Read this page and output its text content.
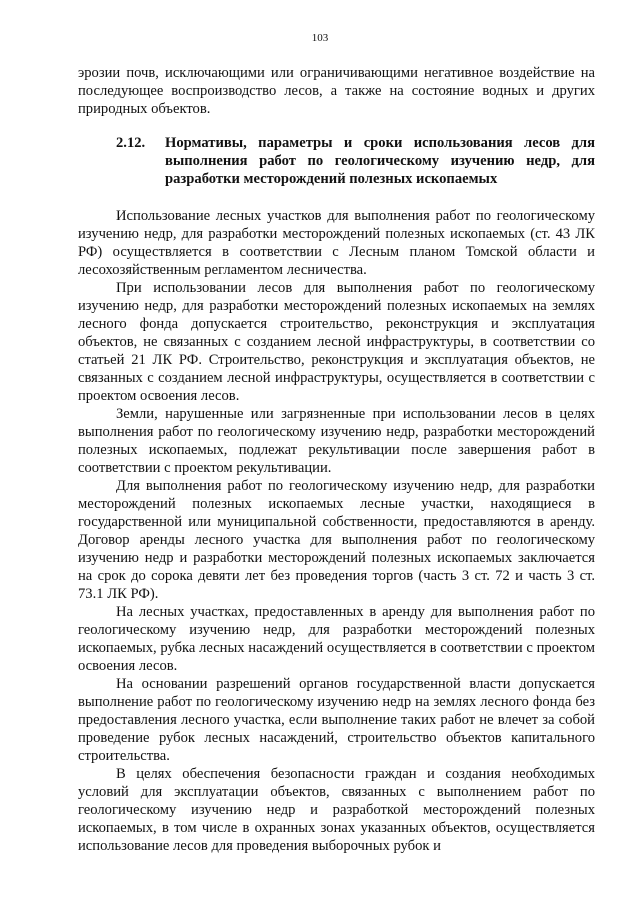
103

эрозии почв, исключающими или ограничивающими негативное воздействие на последующее воспроизводство лесов, а также на состояние водных и других природных объектов.

2.12.	Нормативы, параметры и сроки использования лесов для выполнения работ по геологическому изучению недр, для разработки месторождений полезных ископаемых

Использование лесных участков для выполнения работ по геологическому изучению недр, для разработки месторождений полезных ископаемых (ст. 43 ЛК РФ) осуществляется в соответствии с Лесным планом Томской области и лесохозяйственным регламентом лесничества.

При использовании лесов для выполнения работ по геологическому изучению недр, для разработки месторождений полезных ископаемых на землях лесного фонда допускается строительство, реконструкция и эксплуатация объектов, не связанных с созданием лесной инфраструктуры, в соответствии со статьей 21 ЛК РФ. Строительство, реконструкция и эксплуатация объектов, не связанных с созданием лесной инфраструктуры, осуществляется в соответствии с проектом освоения лесов.

Земли, нарушенные или загрязненные при использовании лесов в целях выполнения работ по геологическому изучению недр, разработки месторождений полезных ископаемых, подлежат рекультивации после завершения работ в соответствии с проектом рекультивации.

Для выполнения работ по геологическому изучению недр, для разработки месторождений полезных ископаемых лесные участки, находящиеся в государственной или муниципальной собственности, предоставляются в аренду. Договор аренды лесного участка для выполнения работ по геологическому изучению недр и разработки месторождений полезных ископаемых заключается на срок до сорока девяти лет без проведения торгов (часть 3 ст. 72 и часть 3 ст. 73.1 ЛК РФ).

На лесных участках, предоставленных в аренду для выполнения работ по геологическому изучению недр, для разработки месторождений полезных ископаемых, рубка лесных насаждений осуществляется в соответствии с проектом освоения лесов.

На основании разрешений органов государственной власти допускается выполнение работ по геологическому изучению недр на землях лесного фонда без предоставления лесного участка, если выполнение таких работ не влечет за собой проведение рубок лесных насаждений, строительство объектов капитального строительства.

В целях обеспечения безопасности граждан и создания необходимых условий для эксплуатации объектов, связанных с выполнением работ по геологическому изучению недр и разработкой месторождений полезных ископаемых, в том числе в охранных зонах указанных объектов, осуществляется использование лесов для проведения выборочных рубок и
